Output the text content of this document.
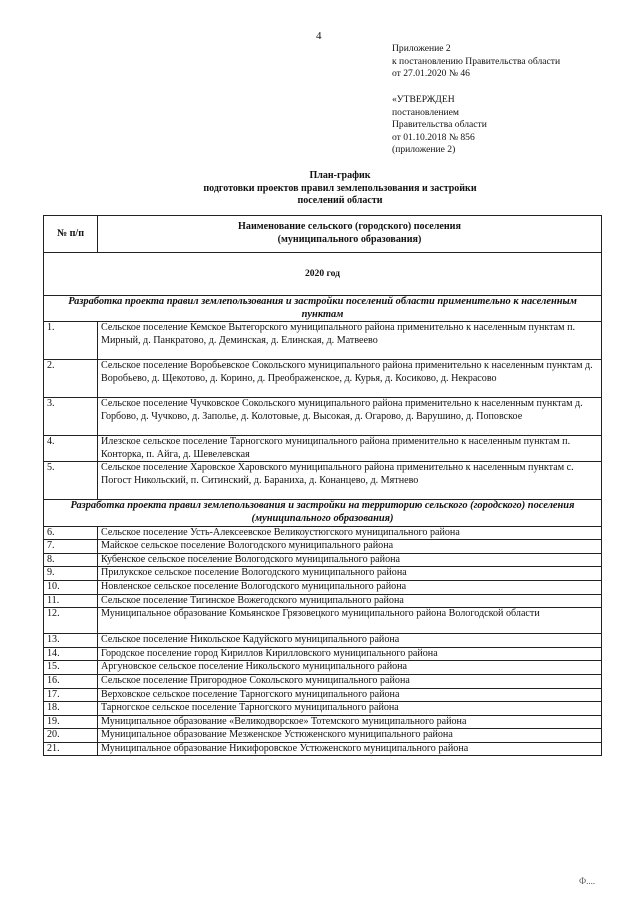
4
Приложение 2
к постановлению Правительства области
от 27.01.2020 № 46
«УТВЕРЖДЕН
постановлением
Правительства области
от 01.10.2018 № 856
(приложение 2)
План-график
подготовки проектов правил землепользования и застройки
поселений области
№ п/п	Наименование сельского (городского) поселения (муниципального образования)
2020 год	
Разработка проекта правил землепользования и застройки поселений области применительно к населенным пунктам	
1.	Сельское поселение Кемское Вытегорского муниципального района применительно к населенным пунктам п. Мирный, д. Панкратово, д. Деминская, д. Елинская, д. Матвеево
2.	Сельское поселение Воробьевское Сокольского муниципального района применительно к населенным пунктам д. Воробьево, д. Щекотово, д. Корино, д. Преображенское, д. Курья, д. Косиково, д. Некрасово
3.	Сельское поселение Чучковское Сокольского муниципального района применительно к населенным пунктам д. Горбово, д. Чучково, д. Заполье, д. Колотовые, д. Высокая, д. Огарово, д. Варушино, д. Поповское
4.	Илезское сельское поселение Тарногского муниципального района применительно к населенным пунктам п. Конторка, п. Айга, д. Шевелевская
5.	Сельское поселение Харовское Харовского муниципального района применительно к населенным пунктам с. Погост Никольский, п. Ситинский, д. Бараниха, д. Конанцево, д. Мятнево
Разработка проекта правил землепользования и застройки на территорию сельского (городского) поселения (муниципального образования)	
6.	Сельское поселение Усть-Алексеевское Великоустюгского муниципального района
7.	Майское сельское поселение Вологодского муниципального района
8.	Кубенское сельское поселение Вологодского муниципального района
9.	Прилукское сельское поселение Вологодского муниципального района
10.	Новленское сельское поселение Вологодского муниципального района
11.	Сельское поселение Тигинское Вожегодского муниципального района
12.	Муниципальное образование Комьянское Грязовецкого муниципального района Вологодской области
13.	Сельское поселение Никольское Кадуйского муниципального района
14.	Городское поселение город Кириллов Кирилловского муниципального района
15.	Аргуновское сельское поселение Никольского муниципального района
16.	Сельское поселение Пригородное Сокольского муниципального района
17.	Верховское сельское поселение Тарногского муниципального района
18.	Тарногское сельское поселение Тарногского муниципального района
19.	Муниципальное образование «Великодворское» Тотемского муниципального района
20.	Муниципальное образование Мезженское Устюженского муниципального района
21.	Муниципальное образование Никифоровское Устюженского муниципального района
Ф....
